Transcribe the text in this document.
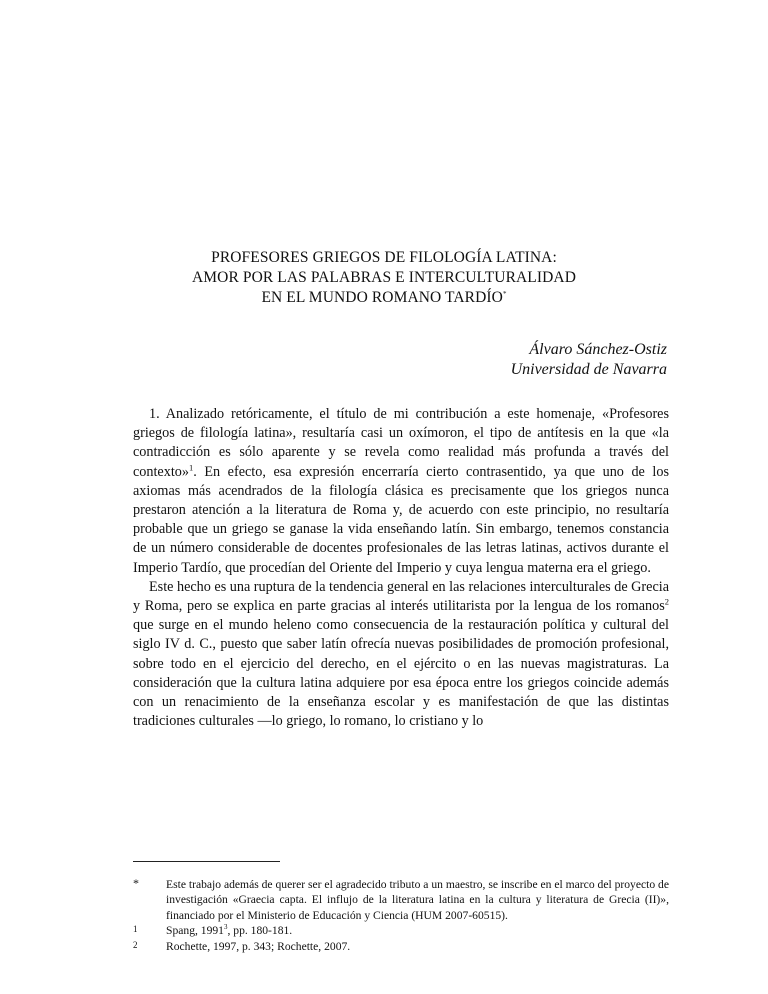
PROFESORES GRIEGOS DE FILOLOGÍA LATINA:
AMOR POR LAS PALABRAS E INTERCULTURALIDAD
EN EL MUNDO ROMANO TARDÍO*
Álvaro Sánchez-Ostiz
Universidad de Navarra

1. Analizado retóricamente, el título de mi contribución a este homenaje, «Profesores griegos de filología latina», resultaría casi un oxímoron, el tipo de antítesis en la que «la contradicción es sólo aparente y se revela como realidad más profunda a través del contexto»$^1$. En efecto, esa expresión encerraría cierto contrasentido, ya que uno de los axiomas más acendrados de la filología clásica es precisamente que los griegos nunca prestaron atención a la literatura de Roma y, de acuerdo con este principio, no resultaría probable que un griego se ganase la vida enseñando latín. Sin embargo, tenemos constancia de un número considerable de docentes profesionales de las letras latinas, activos durante el Imperio Tardío, que procedían del Oriente del Imperio y cuya lengua materna era el griego.

Este hecho es una ruptura de la tendencia general en las relaciones interculturales de Grecia y Roma, pero se explica en parte gracias al interés utilitarista por la lengua de los romanos$^2$ que surge en el mundo heleno como consecuencia de la restauración política y cultural del siglo IV d. C., puesto que saber latín ofrecía nuevas posibilidades de promoción profesional, sobre todo en el ejercicio del derecho, en el ejército o en las nuevas magistraturas. La consideración que la cultura latina adquiere por esa época entre los griegos coincide además con un renacimiento de la enseñanza escolar y es manifestación de que las distintas tradiciones culturales —lo griego, lo romano, lo cristiano y lo

*	Este trabajo además de querer ser el agradecido tributo a un maestro, se inscribe en el marco del proyecto de investigación «Graecia capta. El influjo de la literatura latina en la cultura y literatura de Grecia (II)», financiado por el Ministerio de Educación y Ciencia (HUM 2007-60515).
1	Spang, 1991$^3$, pp. 180-181.
2	Rochette, 1997, p. 343; Rochette, 2007.
